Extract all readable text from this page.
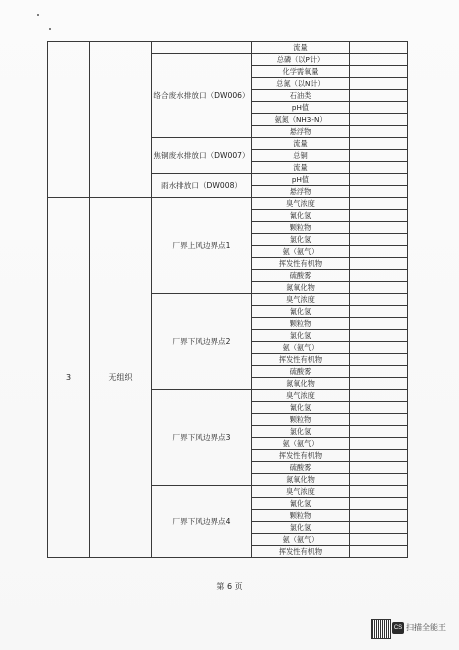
			流量	
		络合废水排放口（DW006）	总磷（以P计）	
			化学需氧量	
			总氮（以N计）	
			石油类	
			pH值	
			氨氮（NH3-N）	
			悬浮物	
		焦铜废水排放口（DW007）	流量	
			总铜	
			流量	
		雨水排放口（DW008）	pH值	
			悬浮物	
3	无组织	厂界上风边界点1	臭气浓度	
			氰化氢	
			颗粒物	
			氯化氢	
			氨（氨气）	
			挥发性有机物	
			硫酸雾	
			氮氧化物	
		厂界下风边界点2	臭气浓度	
			氰化氢	
			颗粒物	
			氯化氢	
			氨（氨气）	
			挥发性有机物	
			硫酸雾	
			氮氧化物	
		厂界下风边界点3	臭气浓度	
			氰化氢	
			颗粒物	
			氯化氢	
			氨（氨气）	
			挥发性有机物	
			硫酸雾	
			氮氧化物	
		厂界下风边界点4	臭气浓度	
			氰化氢	
			颗粒物	
			氯化氢	
			氨（氨气）	
			挥发性有机物	
第 6 页
CS 扫描全能王
